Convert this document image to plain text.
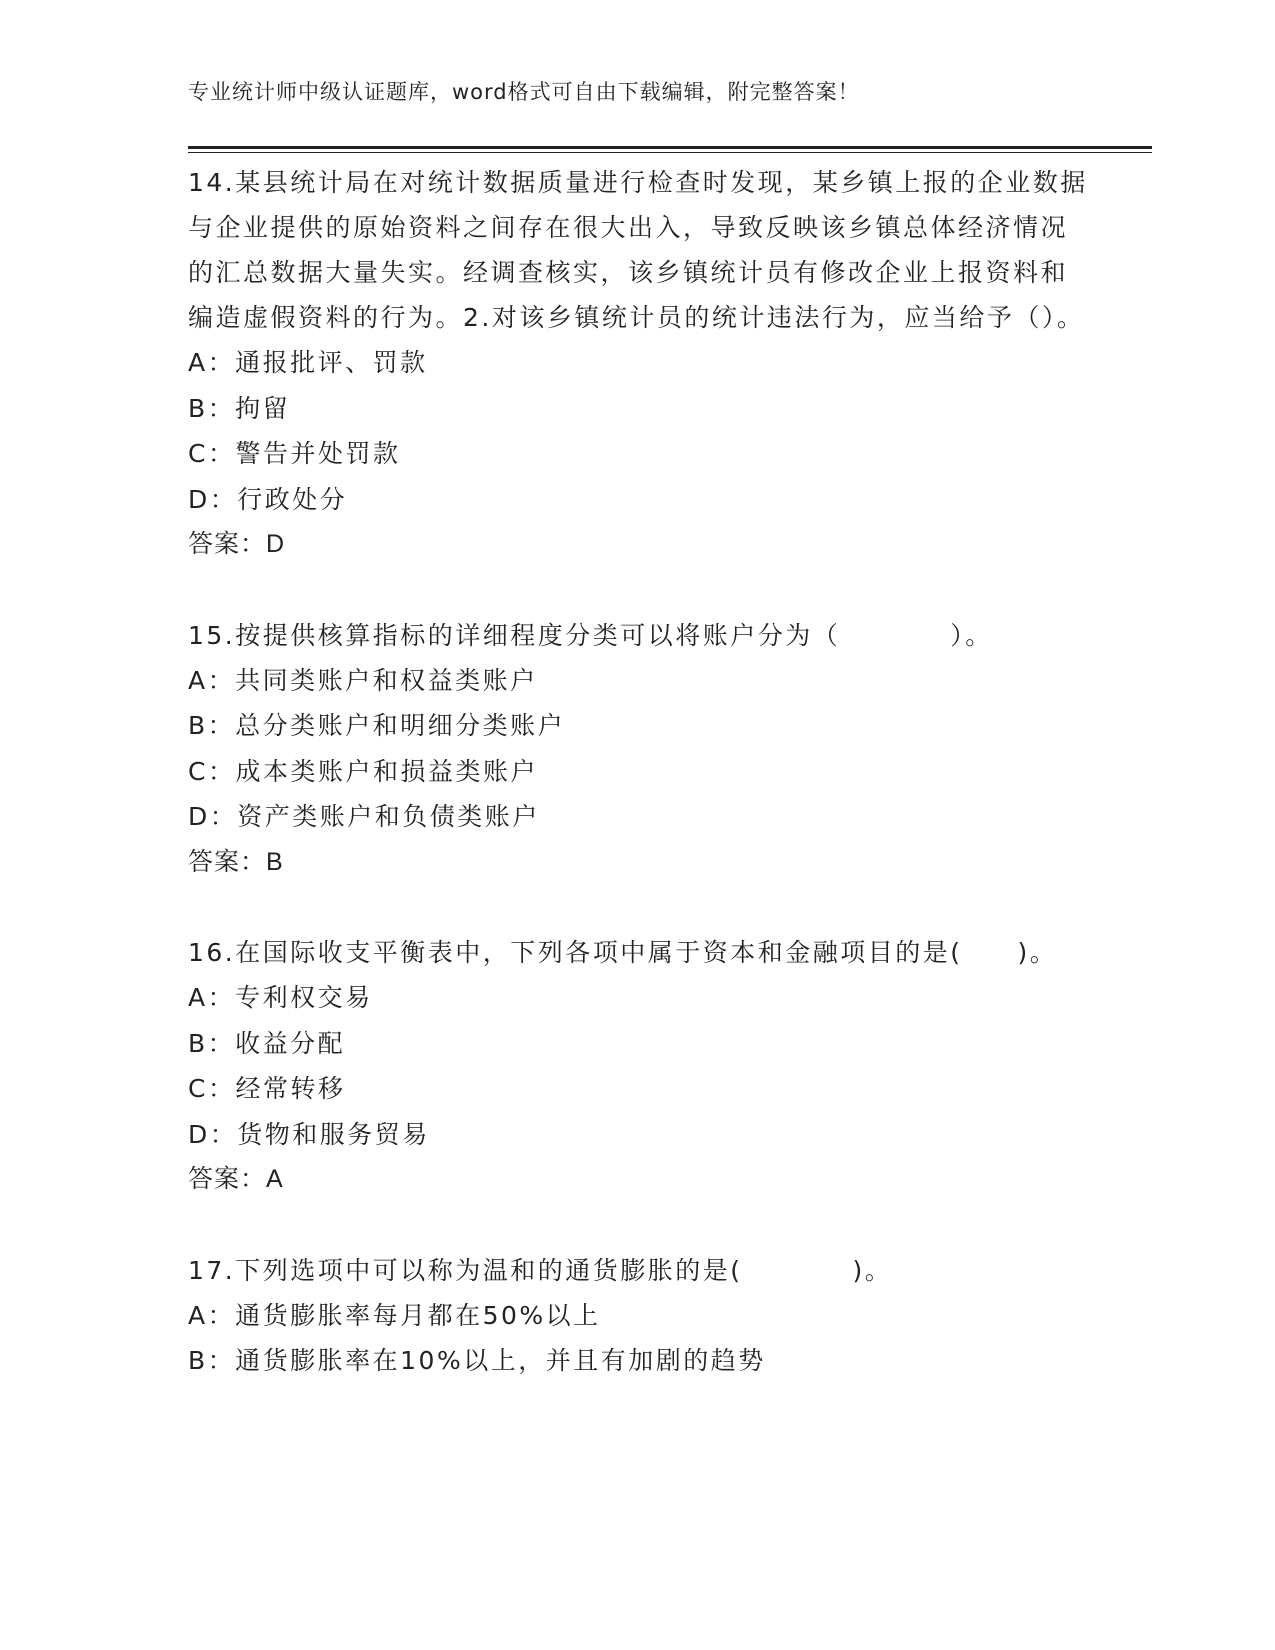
专业统计师中级认证题库，word格式可自由下载编辑，附完整答案！

14.某县统计局在对统计数据质量进行检查时发现，某乡镇上报的企业数据与企业提供的原始资料之间存在很大出入，导致反映该乡镇总体经济情况的汇总数据大量失实。经调查核实，该乡镇统计员有修改企业上报资料和编造虚假资料的行为。2.对该乡镇统计员的统计违法行为，应当给予（）。

A：通报批评、罚款

B：拘留

C：警告并处罚款

D：行政处分

答案：D

15.按提供核算指标的详细程度分类可以将账户分为（　　　　）。

A：共同类账户和权益类账户

B：总分类账户和明细分类账户

C：成本类账户和损益类账户

D：资产类账户和负债类账户

答案：B

16.在国际收支平衡表中，下列各项中属于资本和金融项目的是(　　)。

A：专利权交易

B：收益分配

C：经常转移

D：货物和服务贸易

答案：A

17.下列选项中可以称为温和的通货膨胀的是(　　　　)。

A：通货膨胀率每月都在50%以上

B：通货膨胀率在10%以上，并且有加剧的趋势
